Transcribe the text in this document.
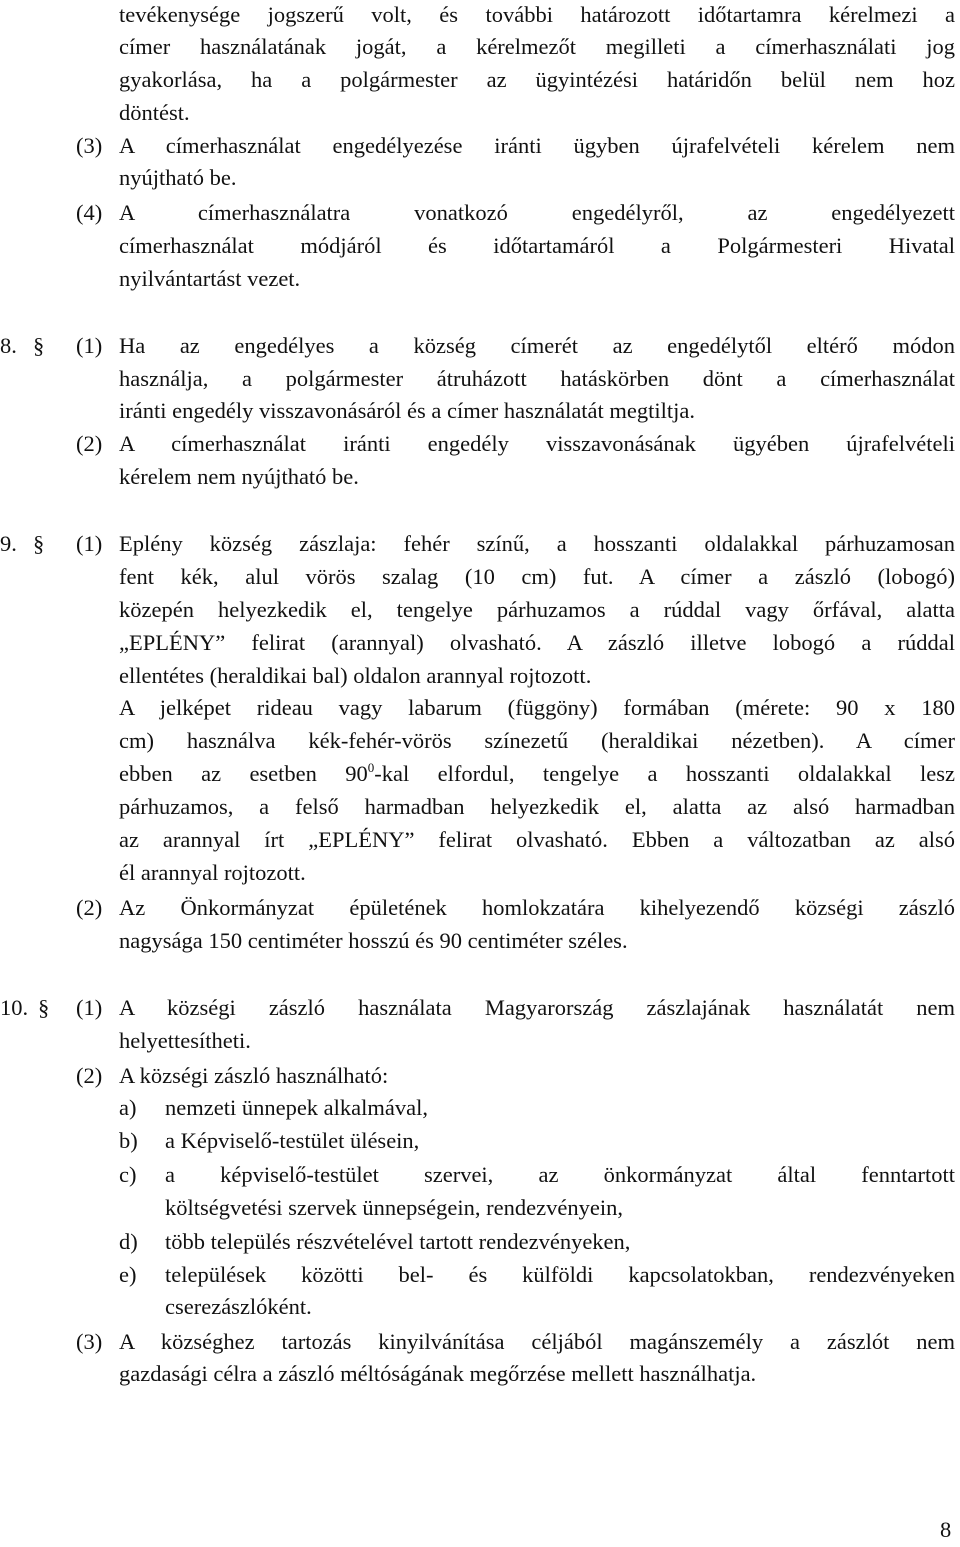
tevékenysége jogszerű volt, és további határozott időtartamra kérelmezi a
címer használatának jogát, a kérelmezőt megilleti a címerhasználati jog
gyakorlása, ha a polgármester az ügyintézési határidőn belül nem hoz
döntést.
(3) A címerhasználat engedélyezése iránti ügyben újrafelvételi kérelem nem
nyújtható be.
(4) A címerhasználatra vonatkozó engedélyről, az engedélyezett
címerhasználat módjáról és időtartamáról a Polgármesteri Hivatal
nyilvántartást vezet.
8. § (1) Ha az engedélyes a község címerét az engedélytől eltérő módon
használja, a polgármester átruházott hatáskörben dönt a címerhasználat
iránti engedély visszavonásáról és a címer használatát megtiltja.
(2) A címerhasználat iránti engedély visszavonásának ügyében újrafelvételi
kérelem nem nyújtható be.
9. § (1) Eplény község zászlaja: fehér színű, a hosszanti oldalakkal párhuzamosan
fent kék, alul vörös szalag (10 cm) fut. A címer a zászló (lobogó)
közepén helyezkedik el, tengelye párhuzamos a rúddal vagy őrfával, alatta
„EPLÉNY” felirat (arannyal) olvasható. A zászló illetve lobogó a rúddal
ellentétes (heraldikai bal) oldalon arannyal rojtozott.
A jelképet rideau vagy labarum (függöny) formában (mérete: 90 x 180
cm) használva kék-fehér-vörös színezetű (heraldikai nézetben). A címer
ebben az esetben $90^0$-kal elfordul, tengelye a hosszanti oldalakkal lesz
párhuzamos, a felső harmadban helyezkedik el, alatta az alsó harmadban
az arannyal írt „EPLÉNY” felirat olvasható. Ebben a változatban az alsó
él arannyal rojtozott.
(2) Az Önkormányzat épületének homlokzatára kihelyezendő községi zászló
nagysága 150 centiméter hosszú és 90 centiméter széles.
10. § (1) A községi zászló használata Magyarország zászlajának használatát nem
helyettesítheti.
(2) A községi zászló használható:
a) nemzeti ünnepek alkalmával,
b) a Képviselő-testület ülésein,
c) a képviselő-testület szervei, az önkormányzat által fenntartott
költségvetési szervek ünnepségein, rendezvényein,
d) több település részvételével tartott rendezvényeken,
e) települések közötti bel- és külföldi kapcsolatokban, rendezvényeken
cserezászlóként.
(3) A községhez tartozás kinyilvánítása céljából magánszemély a zászlót nem
gazdasági célra a zászló méltóságának megőrzése mellett használhatja.
8
